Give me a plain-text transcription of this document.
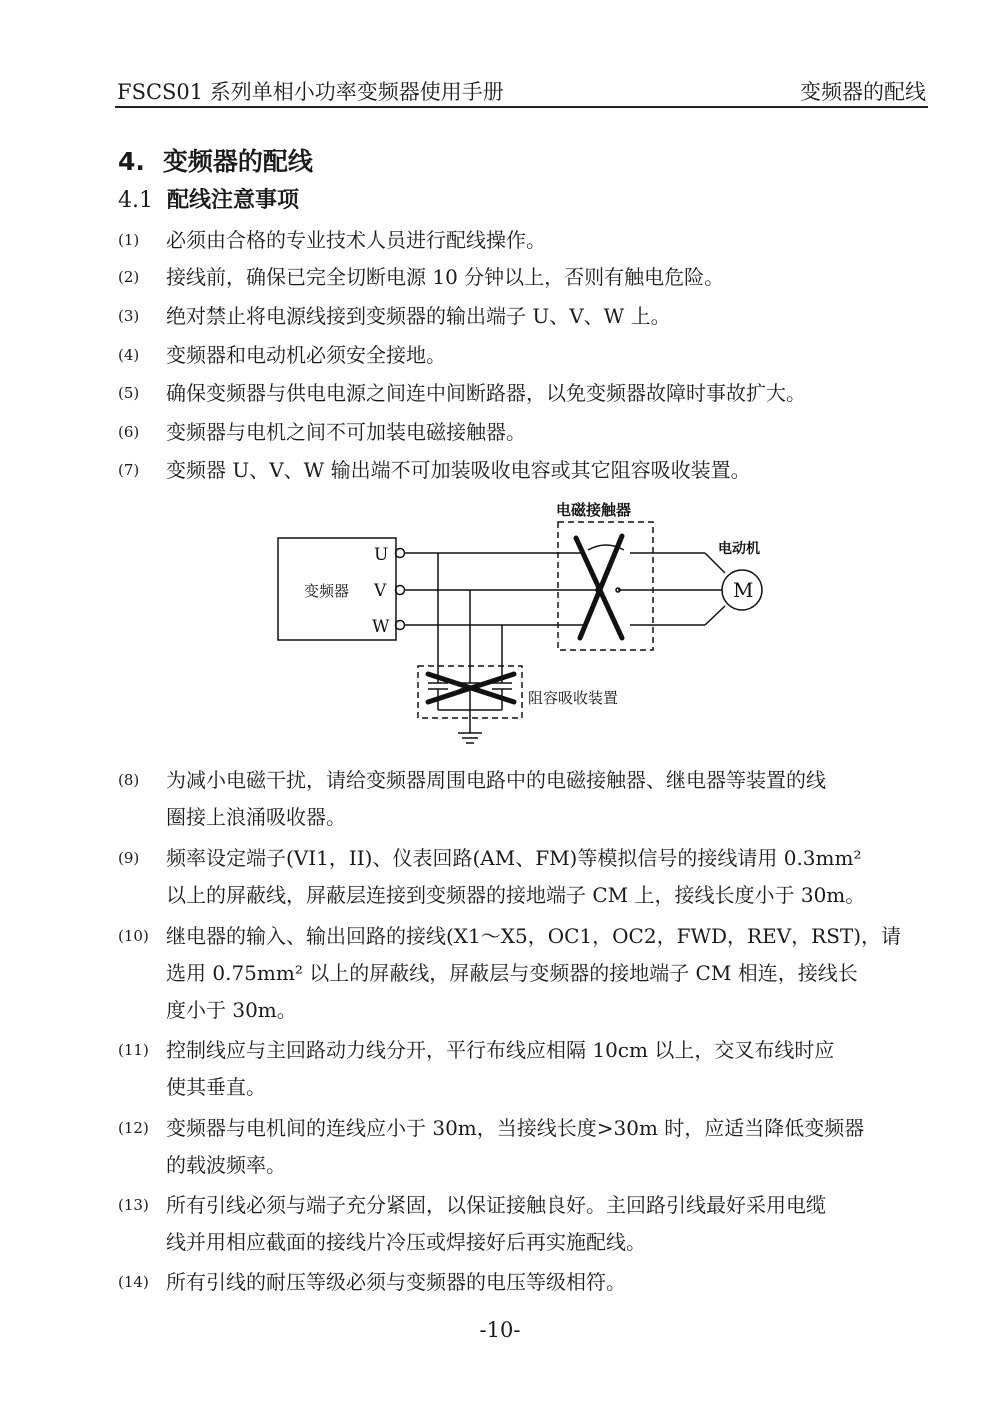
FSCS01 系列单相小功率变频器使用手册	变频器的配线
4. 变频器的配线
4.1 配线注意事项
(1)	必须由合格的专业技术人员进行配线操作。
(2)	接线前，确保已完全切断电源 10 分钟以上，否则有触电危险。
(3)	绝对禁止将电源线接到变频器的输出端子 U、V、W 上。
(4)	变频器和电动机必须安全接地。
(5)	确保变频器与供电电源之间连中间断路器，以免变频器故障时事故扩大。
(6)	变频器与电机之间不可加装电磁接触器。
(7)	变频器 U、V、W 输出端不可加装吸收电容或其它阻容吸收装置。
变频器
U
V
W
电磁接触器
电动机
M
阻容吸收装置
(8)	为减小电磁干扰，请给变频器周围电路中的电磁接触器、继电器等装置的线
圈接上浪涌吸收器。
(9)	频率设定端子(VI1，II)、仪表回路(AM、FM)等模拟信号的接线请用 0.3mm²
以上的屏蔽线，屏蔽层连接到变频器的接地端子 CM 上，接线长度小于 30m。
(10) 继电器的输入、输出回路的接线(X1～X5，OC1，OC2，FWD，REV，RST)，请
选用 0.75mm² 以上的屏蔽线，屏蔽层与变频器的接地端子 CM 相连，接线长
度小于 30m。
(11) 控制线应与主回路动力线分开，平行布线应相隔 10cm 以上，交叉布线时应
使其垂直。
(12) 变频器与电机间的连线应小于 30m，当接线长度>30m 时，应适当降低变频器
的载波频率。
(13) 所有引线必须与端子充分紧固，以保证接触良好。主回路引线最好采用电缆
线并用相应截面的接线片冷压或焊接好后再实施配线。
(14) 所有引线的耐压等级必须与变频器的电压等级相符。
-10-
